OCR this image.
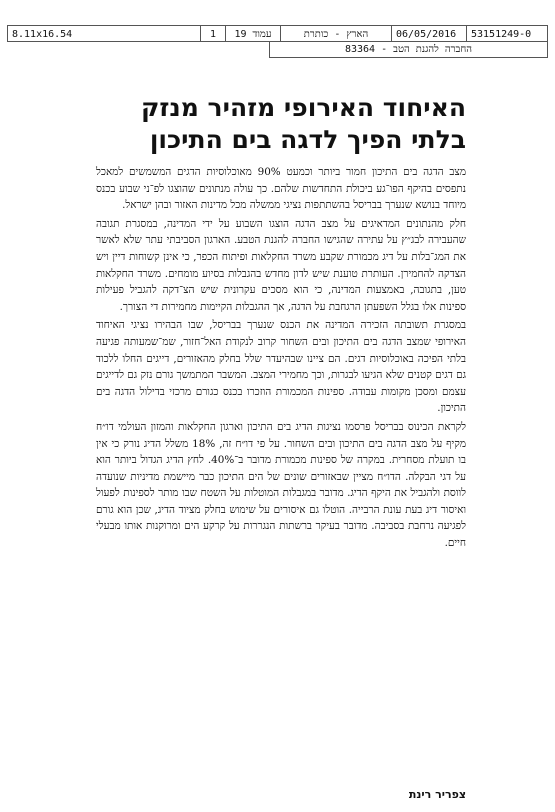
53151249-0
06/05/2016
הארץ - כותרת
עמוד 19
1
8.11x16.54
החברה להגנת הטב - 83364
האיחוד האירופי מזהיר מנזק בלתי הפיך לדגה בים התיכון

מצב הדגה בים התיכון חמור ביותר וכמעט 90% מאוכלוסיות הדגים המשמשים למאכל נתפסים בהיקף הפו־גע ביכולת התחדשות שלהם. כך עולה מנתונים שהוצגו לפ־ני שבוע בכנס מיוחד בנושא שנערך בבריסל בהשתתפות נציגי ממשלה מכל מדינות האזור ובהן ישראל.

חלק מהנתונים המדאיגים על מצב הדגה הוצגו השבוע על ידי המדינה, במסגרת תגובה שהעבירה לבג״ץ על עתירה שהגישו החברה להגנת הטבע. הארגון הסביבתי עתר שלא לאשר את המג־בלות על דיג מכמורת שקבע משרד החקלאות ופיתוח הכפר, כי אינן קשוחות דיין ויש הצדקה להחמירן. העותרת טוענת שיש לדון מחדש בהגבלות בסיוע מומחים. משרד החקלאות טען, בתגובה, באמצעות המדינה, כי הוא מסכים עקרונית שיש הצ־דקה להגביל פעילות ספינות אלו בגלל השפעתן הרגחבת על הדגה, אך ההגבלות הקיימות מחמירות די הצורך.

במסגרת תשובתה הזכירה המדינה את הכנס שנערך בבריסל, שבו הבהירו נציגי האיחוד האירופי שמצב הדגה בים התיכון ובים השחור קרוב לנקודת האל־חזור, שמ־שמעותה פגיעה בלתי הפיכה באוכלוסיות דגים. הם ציינו שבהיעדר שלל בחלק מהאזורים, דייגים החלו ללכוד גם דגים קטנים שלא הגיעו לבגרות, וכך מחמירי המצב. המשבר המתמשך גורם נזק גם לדייגים עצמם ומסכן מקומות עבודה. ספינות המכמורת הוזכרו בכנס כגורם מרכזי בדילול הדגה בים התיכון.

לקראת הכינוס בבריסל פרסמו נציגות הדיג בים התיכון וארגון החקלאות והמזון העולמי דו״ח מקיף על מצב הדגה בים התיכון ובים השחור. על פי דו״ח זה, 18% משלל הדיג נורק כי אין בו תועלת מסחרית. במקרה של ספינות מכמורת מדובר ב־40%. לחץ הדיג הגדול ביותר הוא על דגי הבקלה. הדו״ח מציין שבאזורים שונים של הים התיכון כבר מיישמת מדיניות שנועדה לווסת ולהגביל את היקף הדיג. מדובר במגבלות המוטלות על השטח שבו מותר לספינות לפעול ואיסור דיג בעת עונת הרבייה. הוטלו גם איסורים על שימוש בחלק מציוד הדיג, שכן הוא גורם לפגיעה נרחבת בסביבה. מדובר בעיקר ברשתות הנגררות על קרקע הים ומרוקנות אותו מבעלי חיים.

צפריר רינת
